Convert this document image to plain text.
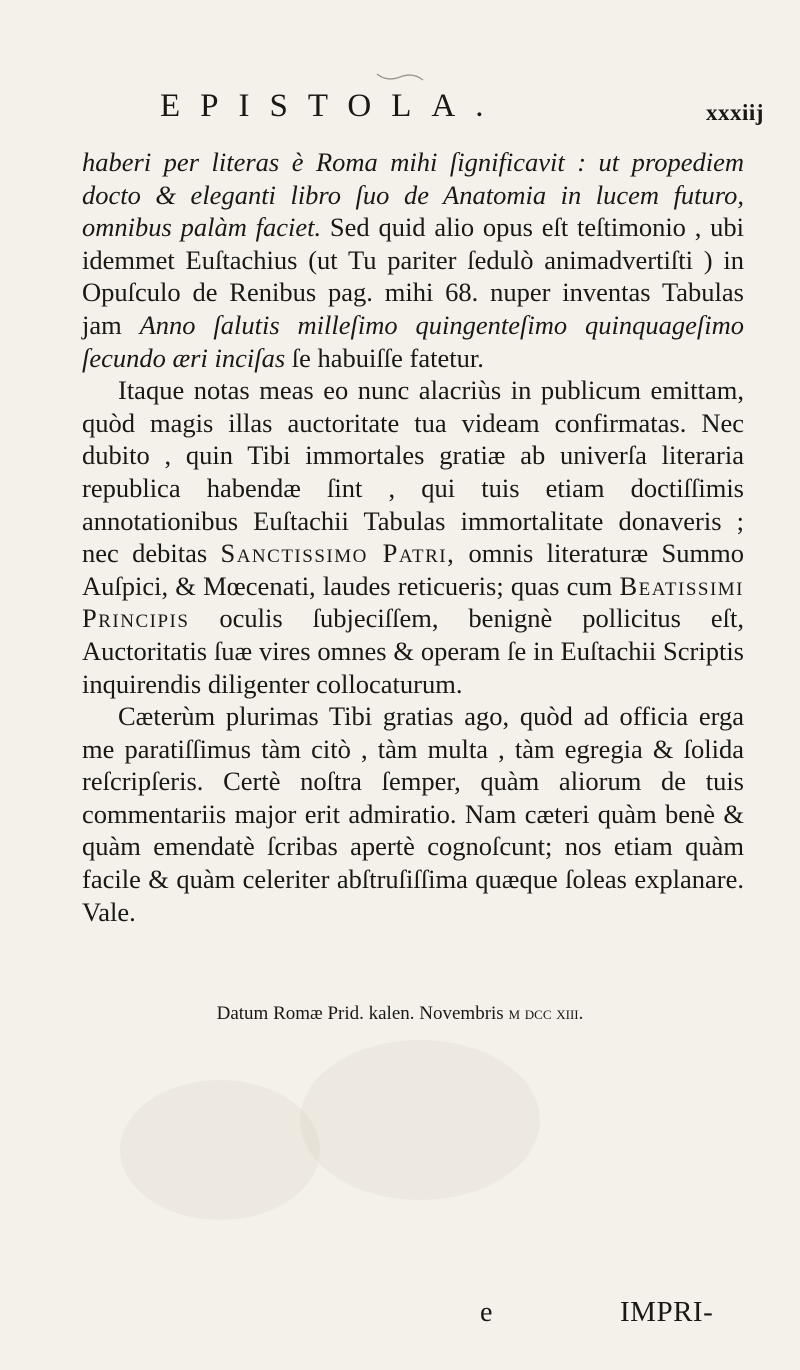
EPISTOLA.	xxxiij

haberi per literas è Roma mihi ſignificavit : ut propediem docto & eleganti libro ſuo de Anatomia in lucem futuro, omnibus palàm faciet. Sed quid alio opus eſt teſtimonio , ubi idemmet Euſtachius (ut Tu pariter ſedulò animadvertiſti ) in Opuſculo de Renibus pag. mihi 68. nuper inventas Tabulas jam Anno ſalutis milleſimo quingenteſimo quinquageſimo ſecundo æri inciſas ſe habuiſſe fatetur.

Itaque notas meas eo nunc alacriùs in publicum emittam, quòd magis illas auctoritate tua videam confirmatas. Nec dubito , quin Tibi immortales gratiæ ab univerſa literaria republica habendæ ſint , qui tuis etiam doctiſſimis annotationibus Euſtachii Tabulas immortalitate donaveris ; nec debitas Sanctissimo Patri, omnis literaturæ Summo Auſpici, & Mœcenati, laudes reticueris; quas cum Beatissimi Principis oculis ſubjeciſſem, benignè pollicitus eſt, Auctoritatis ſuæ vires omnes & operam ſe in Euſtachii Scriptis inquirendis diligenter collocaturum.

Cæterùm plurimas Tibi gratias ago, quòd ad officia erga me paratiſſimus tàm citò , tàm multa , tàm egregia & ſolida reſcripſeris. Certè noſtra ſemper, quàm aliorum de tuis commentariis major erit admiratio. Nam cæteri quàm benè & quàm emendatè ſcribas apertè cognoſcunt; nos etiam quàm facile & quàm celeriter abſtruſiſſima quæque ſoleas explanare. Vale.

Datum Romæ Prid. kalen. Novembris m dcc xiii.
e	IMPRI-
